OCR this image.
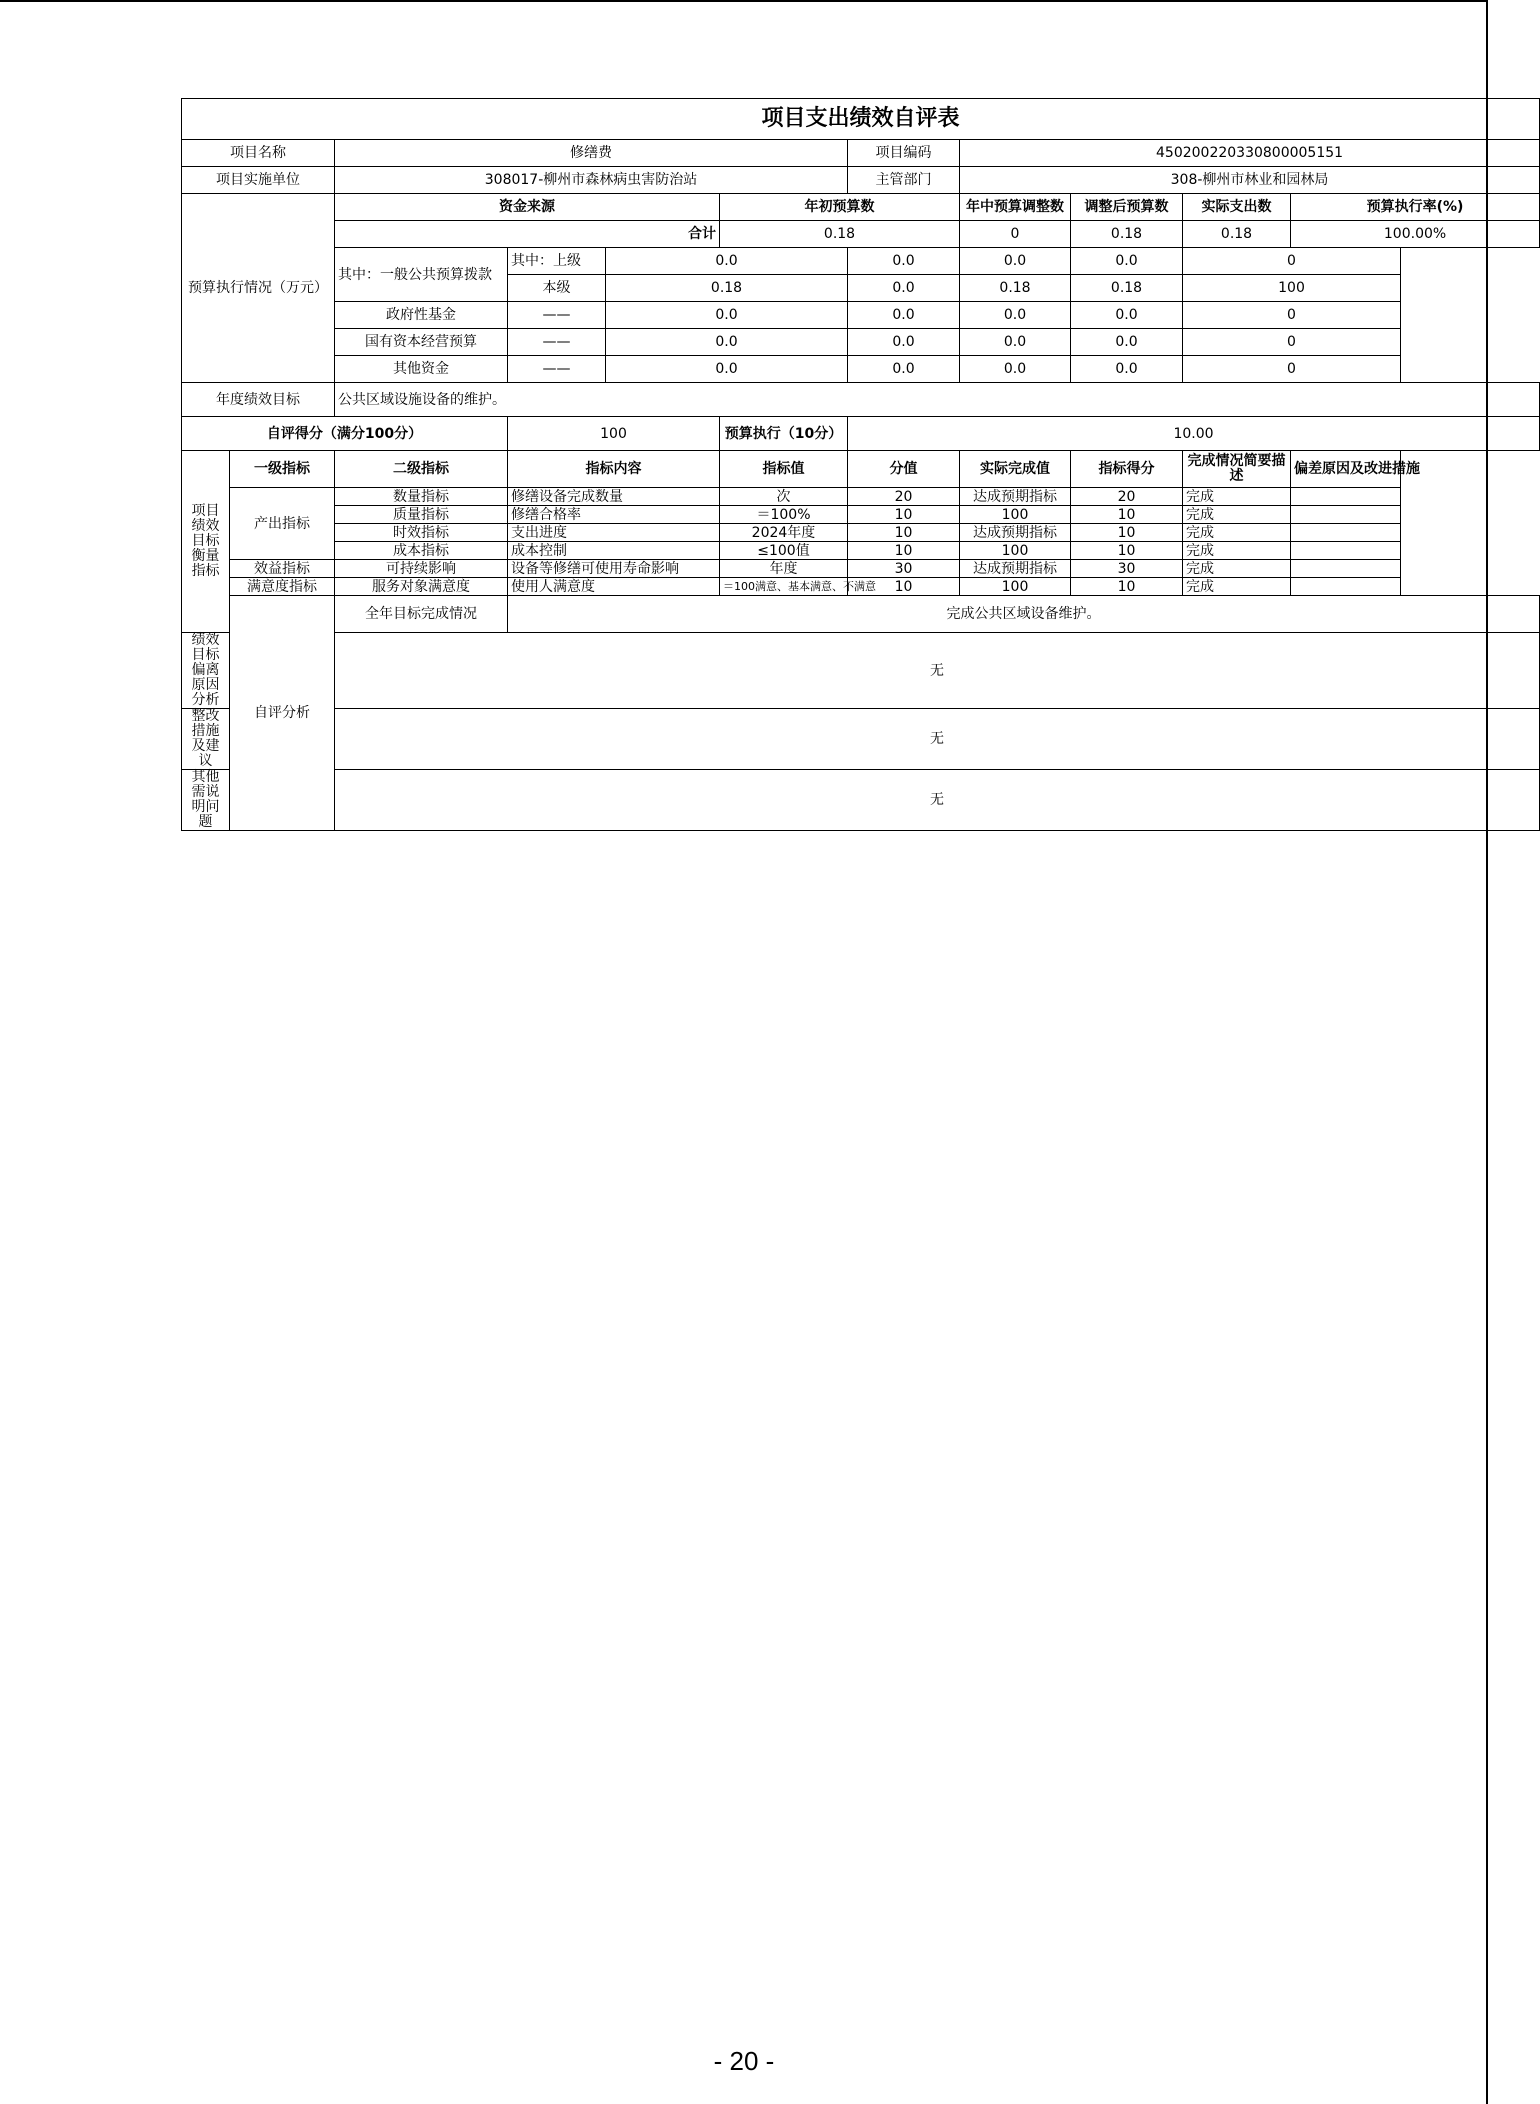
项目支出绩效自评表										
项目名称		修缮费				项目编码	450200220330800005151			
项目实施单位		308017-柳州市森林病虫害防治站				主管部门	308-柳州市林业和园林局			
预算执行情况（万元）		资金来源			年初预算数		年中预算调整数	调整后预算数	实际支出数	预算执行率(%)
		合计			0.18		0	0.18	0.18	100.00%
		其中：一般公共预算拨款	其中：上级	0.0		0.0	0.0	0.0	0	
			本级	0.18		0.0	0.18	0.18	100	
		政府性基金	——	0.0		0.0	0.0	0.0	0	
		国有资本经营预算	——	0.0		0.0	0.0	0.0	0	
		其他资金	——	0.0		0.0	0.0	0.0	0	
年度绩效目标		公共区域设施设备的维护。								
自评得分（满分100分）			100		预算执行（10分）	10.00				
项目绩效目标衡量指标	一级指标	二级指标	指标内容		指标值	分值	实际完成值	指标得分	完成情况简要描述	偏差原因及改进措施
	产出指标	数量指标	修缮设备完成数量		次	20	达成预期指标	20	完成	
		质量指标	修缮合格率		＝100%	10	100	10	完成	
		时效指标	支出进度		2024年度	10	达成预期指标	10	完成	
		成本指标	成本控制		≤100值	10	100	10	完成	
	效益指标	可持续影响	设备等修缮可使用寿命影响		年度	30	达成预期指标	30	完成	
	满意度指标	服务对象满意度	使用人满意度		＝100满意、基本满意、不满意	10	100	10	完成	
	自评分析	全年目标完成情况	完成公共区域设备维护。							
绩效目标偏离原因分析		无								
整改措施及建议		无								
其他需说明问题		无								
- 20 -
